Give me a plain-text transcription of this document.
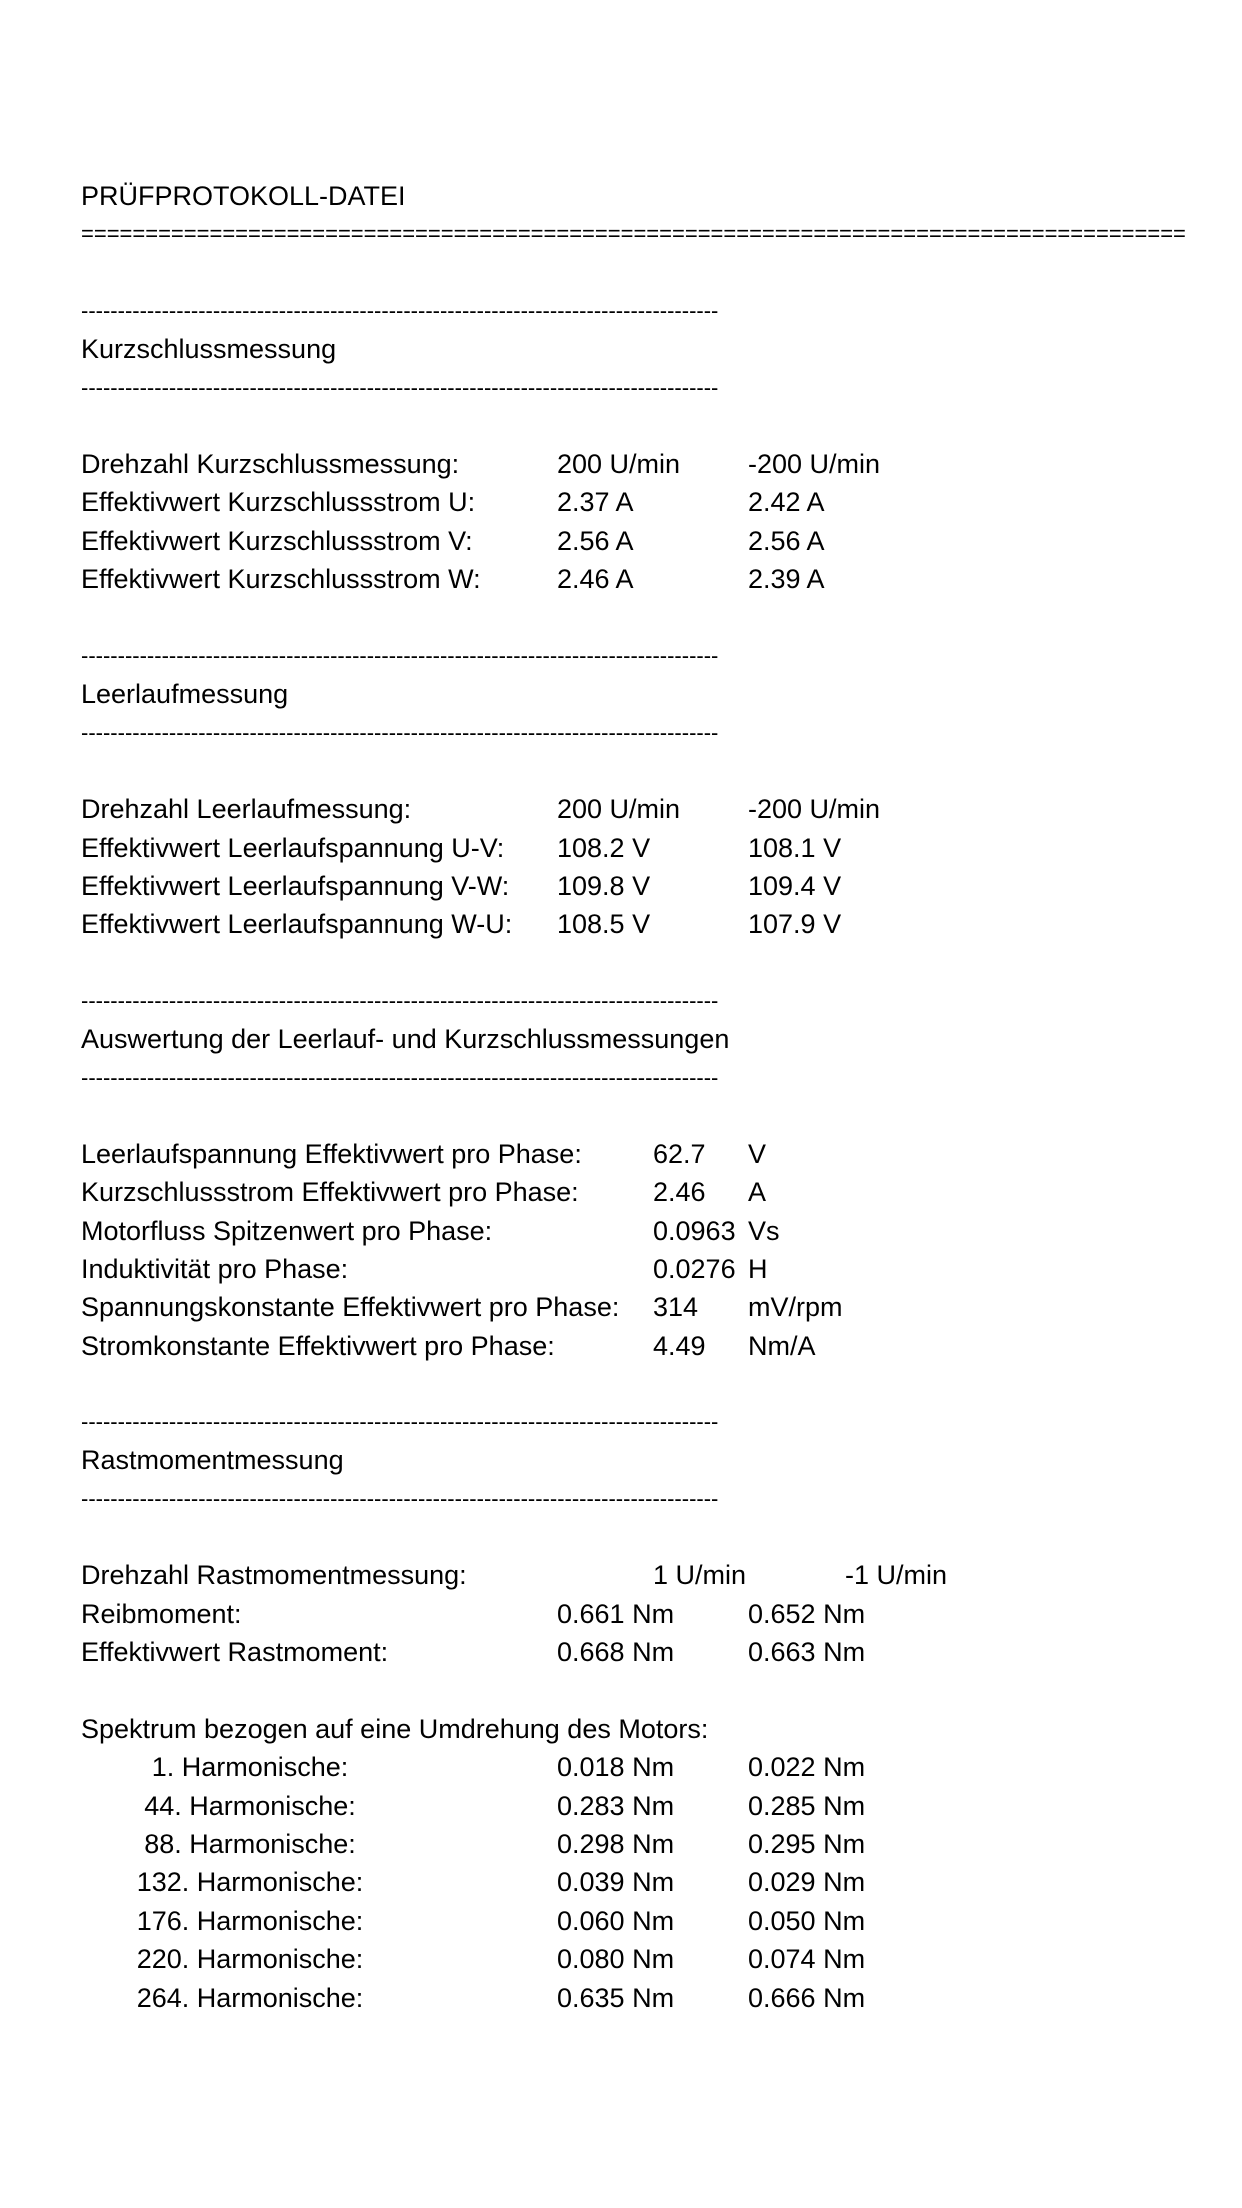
PRÜFPROTOKOLL-DATEI
======================================================================================
---------------------------------------------------------------------------------------
Kurzschlussmessung
---------------------------------------------------------------------------------------
Drehzahl Kurzschlussmessung:	200 U/min	-200 U/min
Effektivwert Kurzschlussstrom U:	2.37 A	2.42 A
Effektivwert Kurzschlussstrom V:	2.56 A	2.56 A
Effektivwert Kurzschlussstrom W:	2.46 A	2.39 A
---------------------------------------------------------------------------------------
Leerlaufmessung
---------------------------------------------------------------------------------------
Drehzahl Leerlaufmessung:	200 U/min	-200 U/min
Effektivwert Leerlaufspannung U-V: 108.2 V	108.1 V
Effektivwert Leerlaufspannung V-W: 109.8 V	109.4 V
Effektivwert Leerlaufspannung W-U: 108.5 V	107.9 V
---------------------------------------------------------------------------------------
Auswertung der Leerlauf- und Kurzschlussmessungen
---------------------------------------------------------------------------------------
Leerlaufspannung Effektivwert pro Phase:	62.7 V
Kurzschlussstrom Effektivwert pro Phase:	2.46 A
Motorfluss Spitzenwert pro Phase:	0.0963 Vs
Induktivität pro Phase:	0.0276 H
Spannungskonstante Effektivwert pro Phase: 314 mV/rpm
Stromkonstante Effektivwert pro Phase:	4.49 Nm/A
---------------------------------------------------------------------------------------
Rastmomentmessung
---------------------------------------------------------------------------------------
Drehzahl Rastmomentmessung:	1 U/min	-1 U/min
Reibmoment:	0.661 Nm	0.652 Nm
Effektivwert Rastmoment:	0.668 Nm	0.663 Nm
Spektrum bezogen auf eine Umdrehung des Motors:
1. Harmonische:	0.018 Nm	0.022 Nm
44. Harmonische:	0.283 Nm	0.285 Nm
88. Harmonische:	0.298 Nm	0.295 Nm
132. Harmonische:	0.039 Nm	0.029 Nm
176. Harmonische:	0.060 Nm	0.050 Nm
220. Harmonische:	0.080 Nm	0.074 Nm
264. Harmonische:	0.635 Nm	0.666 Nm
